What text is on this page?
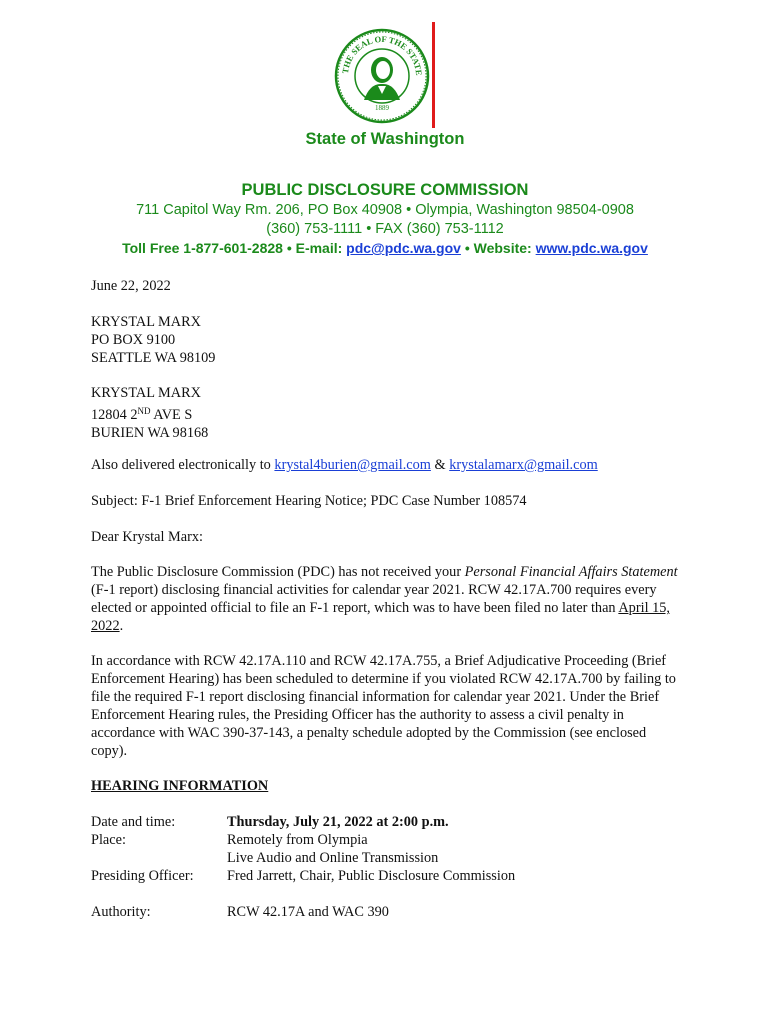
THE SEAL OF THE STATE
1889
State of Washington
PUBLIC DISCLOSURE COMMISSION
711 Capitol Way Rm. 206, PO Box 40908 • Olympia, Washington 98504-0908
(360) 753-1111 • FAX (360) 753-1112
Toll Free 1-877-601-2828 • E-mail: pdc@pdc.wa.gov • Website: www.pdc.wa.gov
June 22, 2022

KRYSTAL MARX

PO BOX 9100

SEATTLE WA 98109

KRYSTAL MARX

12804 2ND AVE S

BURIEN WA 98168

Also delivered electronically to krystal4burien@gmail.com & krystalamarx@gmail.com
Subject: F-1 Brief Enforcement Hearing Notice; PDC Case Number 108574
Dear Krystal Marx:
The Public Disclosure Commission (PDC) has not received your Personal Financial Affairs Statement (F-1 report) disclosing financial activities for calendar year 2021. RCW 42.17A.700 requires every elected or appointed official to file an F-1 report, which was to have been filed no later than April 15, 2022.
In accordance with RCW 42.17A.110 and RCW 42.17A.755, a Brief Adjudicative Proceeding (Brief Enforcement Hearing) has been scheduled to determine if you violated RCW 42.17A.700 by failing to file the required F-1 report disclosing financial information for calendar year 2021. Under the Brief Enforcement Hearing rules, the Presiding Officer has the authority to assess a civil penalty in accordance with WAC 390-37-143, a penalty schedule adopted by the Commission (see enclosed copy).
HEARING INFORMATION
Date and time:	Thursday, July 21, 2022 at 2:00 p.m.
Place:	Remotely from Olympia
Live Audio and Online Transmission
Presiding Officer:	Fred Jarrett, Chair, Public Disclosure Commission
Authority:	RCW 42.17A and WAC 390
